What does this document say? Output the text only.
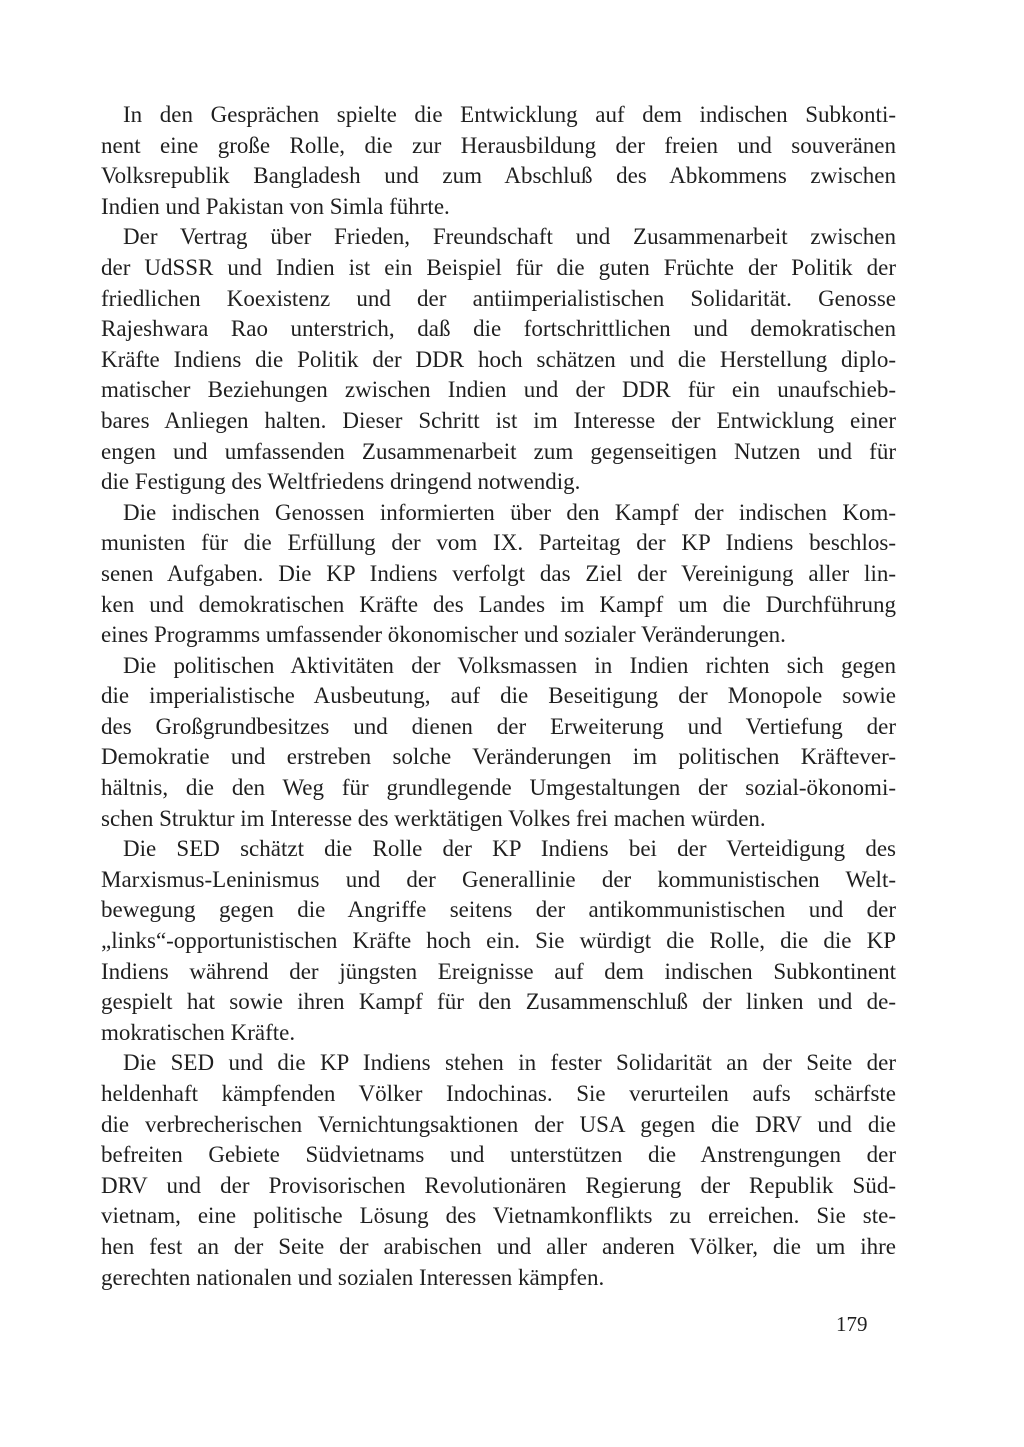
In den Gesprächen spielte die Entwicklung auf dem indischen Subkonti-
nent eine große Rolle, die zur Herausbildung der freien und souveränen
Volksrepublik Bangladesh und zum Abschluß des Abkommens zwischen
Indien und Pakistan von Simla führte.
Der Vertrag über Frieden, Freundschaft und Zusammenarbeit zwischen
der UdSSR und Indien ist ein Beispiel für die guten Früchte der Politik der
friedlichen Koexistenz und der antiimperialistischen Solidarität. Genosse
Rajeshwara Rao unterstrich, daß die fortschrittlichen und demokratischen
Kräfte Indiens die Politik der DDR hoch schätzen und die Herstellung diplo-
matischer Beziehungen zwischen Indien und der DDR für ein unaufschieb-
bares Anliegen halten. Dieser Schritt ist im Interesse der Entwicklung einer
engen und umfassenden Zusammenarbeit zum gegenseitigen Nutzen und für
die Festigung des Weltfriedens dringend notwendig.
Die indischen Genossen informierten über den Kampf der indischen Kom-
munisten für die Erfüllung der vom IX. Parteitag der KP Indiens beschlos-
senen Aufgaben. Die KP Indiens verfolgt das Ziel der Vereinigung aller lin-
ken und demokratischen Kräfte des Landes im Kampf um die Durchführung
eines Programms umfassender ökonomischer und sozialer Veränderungen.
Die politischen Aktivitäten der Volksmassen in Indien richten sich gegen
die imperialistische Ausbeutung, auf die Beseitigung der Monopole sowie
des Großgrundbesitzes und dienen der Erweiterung und Vertiefung der
Demokratie und erstreben solche Veränderungen im politischen Kräftever-
hältnis, die den Weg für grundlegende Umgestaltungen der sozial-ökonomi-
schen Struktur im Interesse des werktätigen Volkes frei machen würden.
Die SED schätzt die Rolle der KP Indiens bei der Verteidigung des
Marxismus-Leninismus und der Generallinie der kommunistischen Welt-
bewegung gegen die Angriffe seitens der antikommunistischen und der
„links“-opportunistischen Kräfte hoch ein. Sie würdigt die Rolle, die die KP
Indiens während der jüngsten Ereignisse auf dem indischen Subkontinent
gespielt hat sowie ihren Kampf für den Zusammenschluß der linken und de-
mokratischen Kräfte.
Die SED und die KP Indiens stehen in fester Solidarität an der Seite der
heldenhaft kämpfenden Völker Indochinas. Sie verurteilen aufs schärfste
die verbrecherischen Vernichtungsaktionen der USA gegen die DRV und die
befreiten Gebiete Südvietnams und unterstützen die Anstrengungen der
DRV und der Provisorischen Revolutionären Regierung der Republik Süd-
vietnam, eine politische Lösung des Vietnamkonflikts zu erreichen. Sie ste-
hen fest an der Seite der arabischen und aller anderen Völker, die um ihre
gerechten nationalen und sozialen Interessen kämpfen.
179
